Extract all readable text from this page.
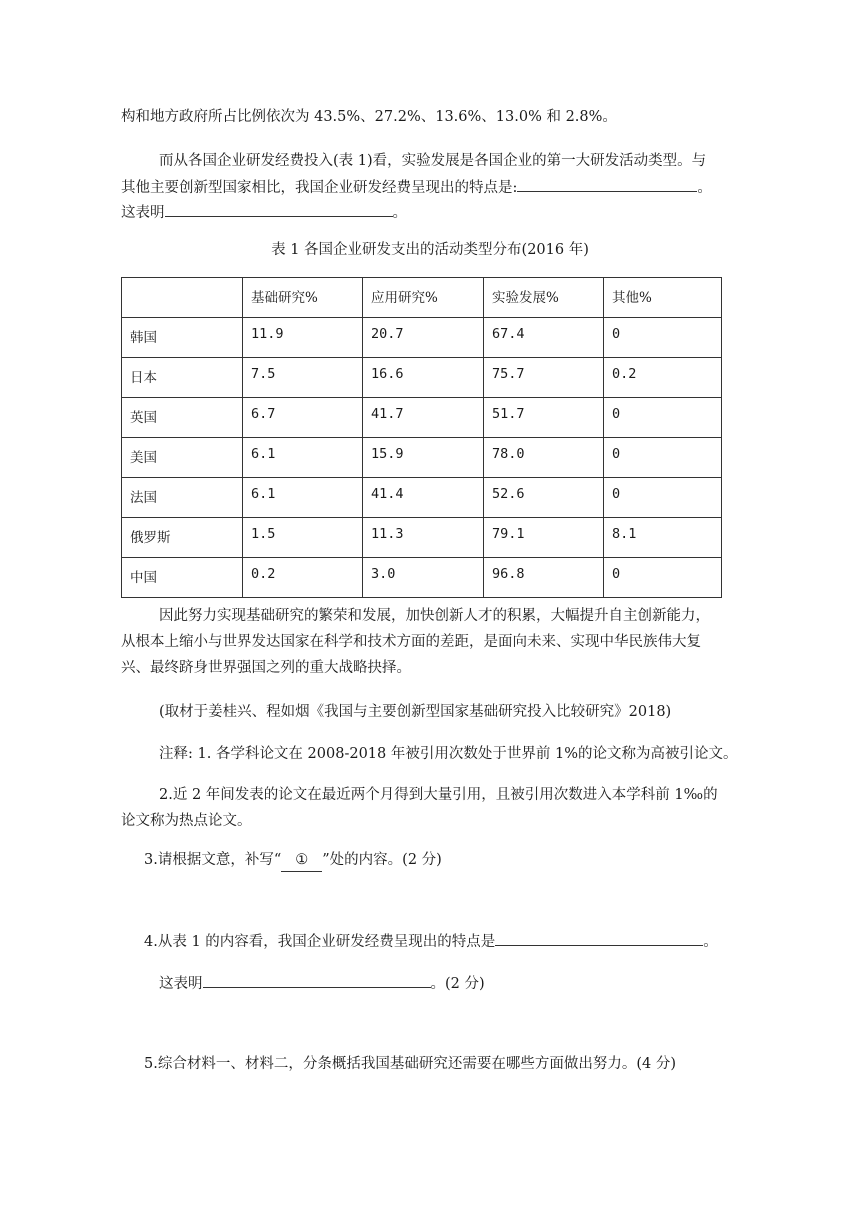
构和地方政府所占比例依次为 43.5%、27.2%、13.6%、13.0% 和 2.8%。
而从各国企业研发经费投入(表 1)看，实验发展是各国企业的第一大研发活动类型。与
其他主要创新型国家相比，我国企业研发经费呈现出的特点是:	。
这表明	。
表 1 各国企业研发支出的活动类型分布(2016 年)
	基础研究%	应用研究%	实验发展%	其他%
韩国	11.9	20.7	67.4	0
日本	7.5	16.6	75.7	0.2
英国	6.7	41.7	51.7	0
美国	6.1	15.9	78.0	0
法国	6.1	41.4	52.6	0
俄罗斯	1.5	11.3	79.1	8.1
中国	0.2	3.0	96.8	0
因此努力实现基础研究的繁荣和发展，加快创新人才的积累，大幅提升自主创新能力，
从根本上缩小与世界发达国家在科学和技术方面的差距，是面向未来、实现中华民族伟大复
兴、最终跻身世界强国之列的重大战略抉择。
(取材于姜桂兴、程如烟《我国与主要创新型国家基础研究投入比较研究》2018)
注释: 1. 各学科论文在 2008-2018 年被引用次数处于世界前 1%的论文称为高被引论文。
2.近 2 年间发表的论文在最近两个月得到大量引用，且被引用次数进入本学科前 1‰的
论文称为热点论文。
3.请根据文意，补写“ ① ”处的内容。(2 分)
4.从表 1 的内容看，我国企业研发经费呈现出的特点是	。
这表明	。(2 分)
5.综合材料一、材料二，分条概括我国基础研究还需要在哪些方面做出努力。(4 分)
